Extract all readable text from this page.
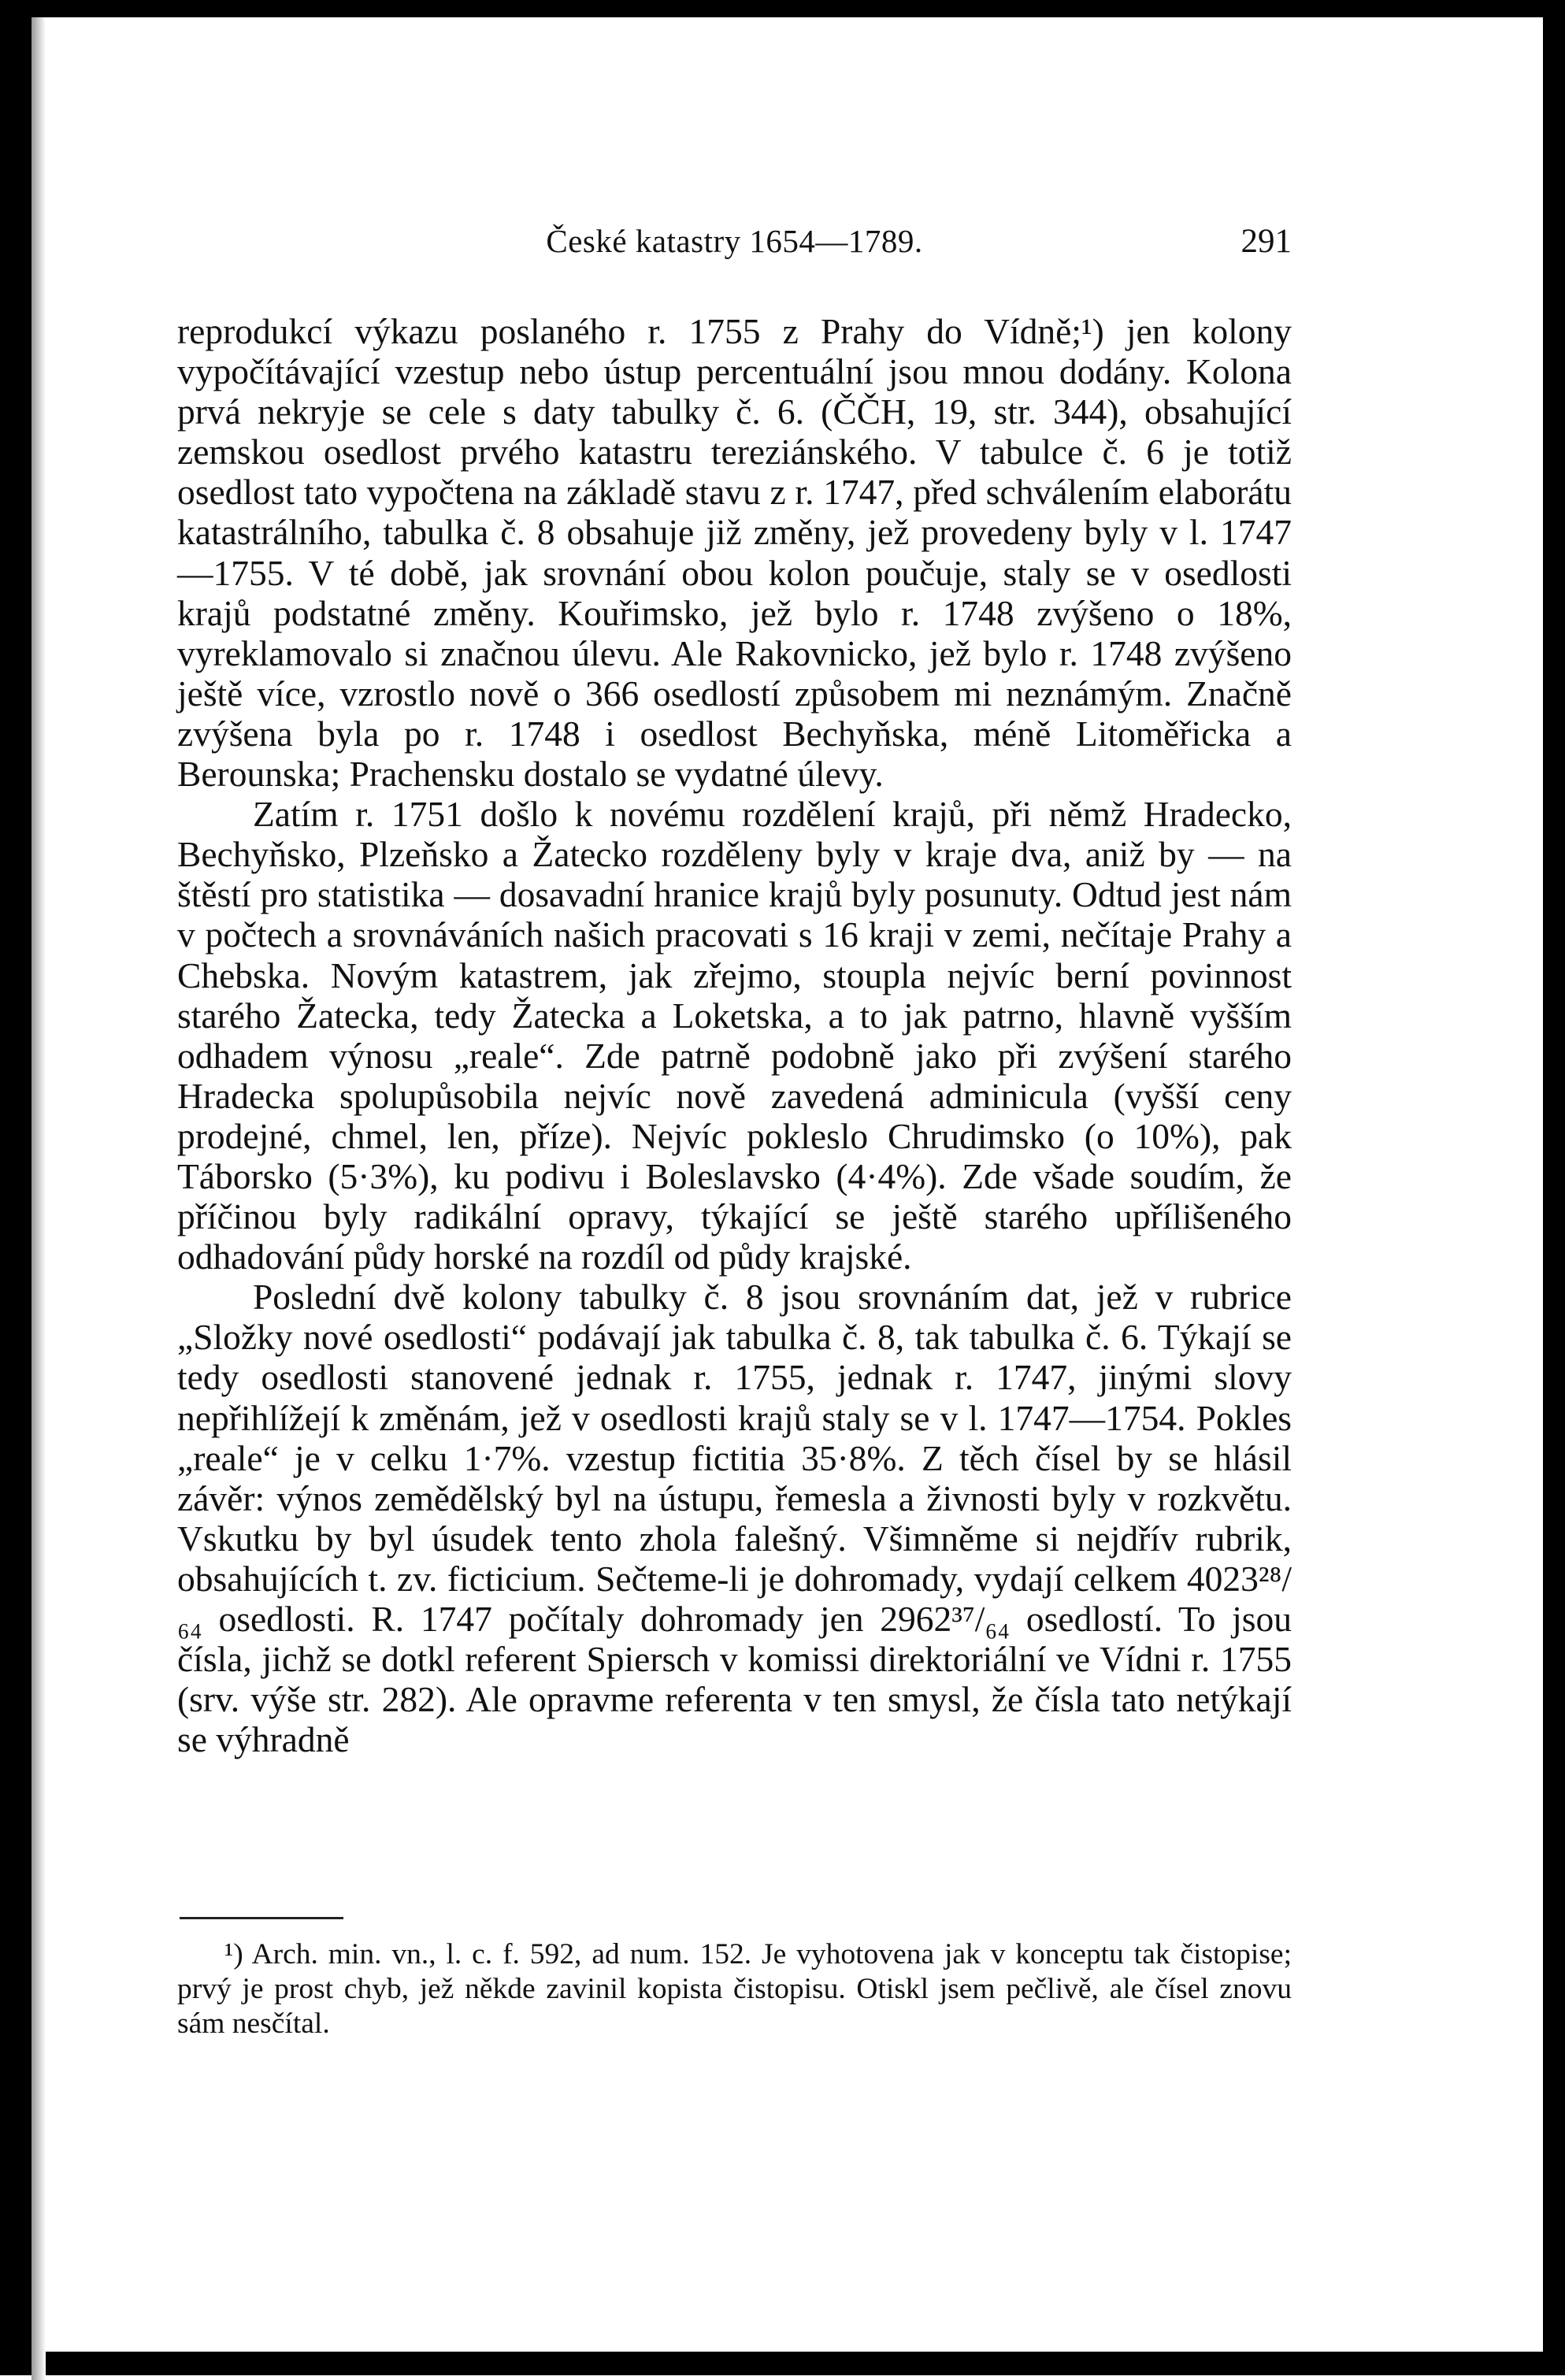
České katastry 1654—1789.	291

reprodukcí výkazu poslaného r. 1755 z Prahy do Vídně;¹) jen kolony vypočítávající vzestup nebo ústup percentuální jsou mnou dodány. Kolona prvá nekryje se cele s daty tabulky č. 6. (ČČH, 19, str. 344), obsahující zemskou osedlost prvého katastru tereziánského. V tabulce č. 6 je totiž osedlost tato vypočtena na základě stavu z r. 1747, před schválením elaborátu katastrálního, tabulka č. 8 obsahuje již změny, jež provedeny byly v l. 1747—1755. V té době, jak srovnání obou kolon poučuje, staly se v osedlosti krajů podstatné změny. Kouřimsko, jež bylo r. 1748 zvýšeno o 18%, vyreklamovalo si značnou úlevu. Ale Rakovnicko, jež bylo r. 1748 zvýšeno ještě více, vzrostlo nově o 366 osedlostí způsobem mi neznámým. Značně zvýšena byla po r. 1748 i osedlost Bechyňska, méně Litoměřicka a Berounska; Prachensku dostalo se vydatné úlevy.

Zatím r. 1751 došlo k novému rozdělení krajů, při němž Hradecko, Bechyňsko, Plzeňsko a Žatecko rozděleny byly v kraje dva, aniž by — na štěstí pro statistika — dosavadní hranice krajů byly posunuty. Odtud jest nám v počtech a srovnáváních našich pracovati s 16 kraji v zemi, nečítaje Prahy a Chebska. Novým katastrem, jak zřejmo, stoupla nejvíc berní povinnost starého Žatecka, tedy Žatecka a Loketska, a to jak patrno, hlavně vyšším odhadem výnosu „reale“. Zde patrně podobně jako při zvýšení starého Hradecka spolupůsobila nejvíc nově zavedená adminicula (vyšší ceny prodejné, chmel, len, příze). Nejvíc pokleslo Chrudimsko (o 10%), pak Táborsko (5·3%), ku podivu i Boleslavsko (4·4%). Zde všade soudím, že příčinou byly radikální opravy, týkající se ještě starého upřílišeného odhadování půdy horské na rozdíl od půdy krajské.

Poslední dvě kolony tabulky č. 8 jsou srovnáním dat, jež v rubrice „Složky nové osedlosti“ podávají jak tabulka č. 8, tak tabulka č. 6. Týkají se tedy osedlosti stanovené jednak r. 1755, jednak r. 1747, jinými slovy nepřihlížejí k změnám, jež v osedlosti krajů staly se v l. 1747—1754. Pokles „reale“ je v celku 1·7%. vzestup fictitia 35·8%. Z těch čísel by se hlásil závěr: výnos zemědělský byl na ústupu, řemesla a živnosti byly v rozkvětu. Vskutku by byl úsudek tento zhola falešný. Všimněme si nejdřív rubrik, obsahujících t. zv. ficticium. Sečteme-li je dohromady, vydají celkem 4023²⁸/₆₄ osedlosti. R. 1747 počítaly dohromady jen 2962³⁷/₆₄ osedlostí. To jsou čísla, jichž se dotkl referent Spiersch v komissi direktoriální ve Vídni r. 1755 (srv. výše str. 282). Ale opravme referenta v ten smysl, že čísla tato netýkají se výhradně

¹) Arch. min. vn., l. c. f. 592, ad num. 152. Je vyhotovena jak v konceptu tak čistopise; prvý je prost chyb, jež někde zavinil kopista čistopisu. Otiskl jsem pečlivě, ale čísel znovu sám nesčítal.
